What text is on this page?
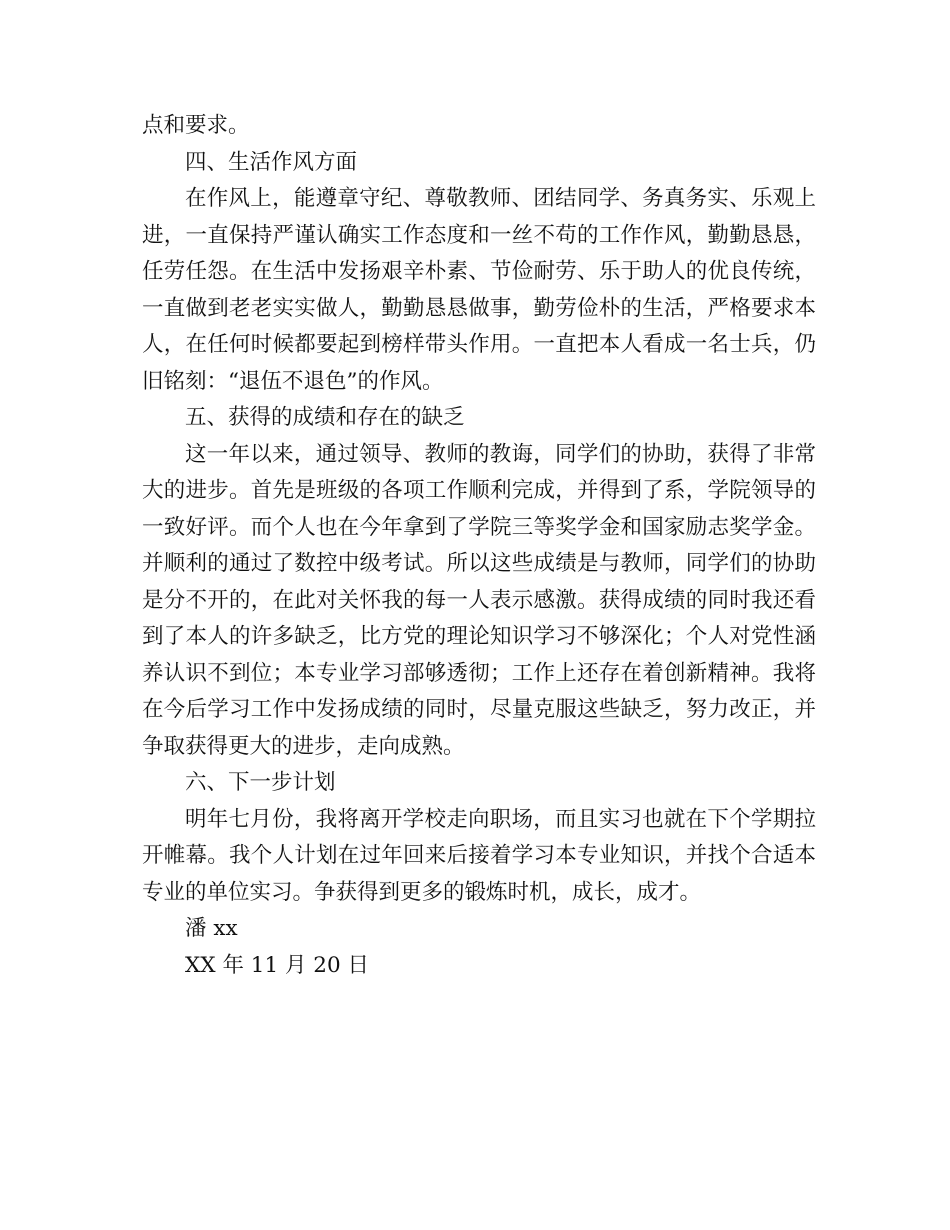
点和要求。

四、生活作风方面

在作风上，能遵章守纪、尊敬教师、团结同学、务真务实、乐观上进，一直保持严谨认确实工作态度和一丝不苟的工作作风，勤勤恳恳，任劳任怨。在生活中发扬艰辛朴素、节俭耐劳、乐于助人的优良传统，一直做到老老实实做人，勤勤恳恳做事，勤劳俭朴的生活，严格要求本人，在任何时候都要起到榜样带头作用。一直把本人看成一名士兵，仍旧铭刻：“退伍不退色”的作风。

五、获得的成绩和存在的缺乏

这一年以来，通过领导、教师的教诲，同学们的协助，获得了非常大的进步。首先是班级的各项工作顺利完成，并得到了系，学院领导的一致好评。而个人也在今年拿到了学院三等奖学金和国家励志奖学金。并顺利的通过了数控中级考试。所以这些成绩是与教师，同学们的协助是分不开的，在此对关怀我的每一人表示感激。获得成绩的同时我还看到了本人的许多缺乏，比方党的理论知识学习不够深化；个人对党性涵养认识不到位；本专业学习部够透彻；工作上还存在着创新精神。我将在今后学习工作中发扬成绩的同时，尽量克服这些缺乏，努力改正，并争取获得更大的进步，走向成熟。

六、下一步计划

明年七月份，我将离开学校走向职场，而且实习也就在下个学期拉开帷幕。我个人计划在过年回来后接着学习本专业知识，并找个合适本专业的单位实习。争获得到更多的锻炼时机，成长，成才。

潘 xx

XX 年 11 月 20 日
